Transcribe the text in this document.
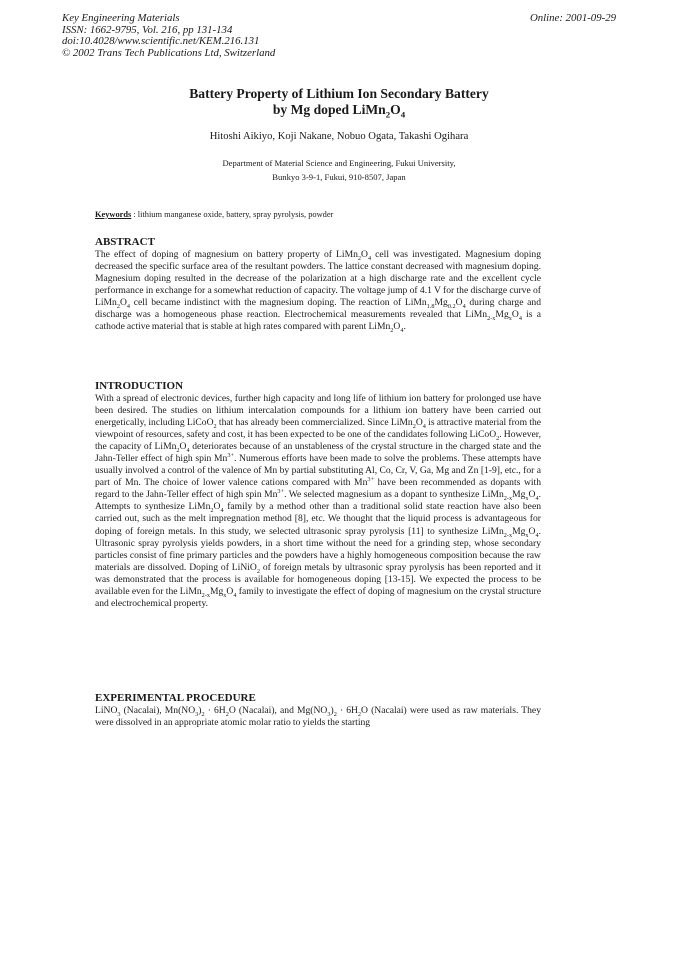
Key Engineering Materials
ISSN: 1662-9795, Vol. 216, pp 131-134
doi:10.4028/www.scientific.net/KEM.216.131
© 2002 Trans Tech Publications Ltd, Switzerland
Online: 2001-09-29
Battery Property of Lithium Ion Secondary Battery
by Mg doped $LiMn_2O_4$
Hitoshi Aikiyo, Koji Nakane, Nobuo Ogata, Takashi Ogihara
Department of Material Science and Engineering, Fukui University,
Bunkyo 3-9-1, Fukui, 910-8507, Japan
Keywords : lithium manganese oxide, battery, spray pyrolysis, powder
ABSTRACT

The effect of doping of magnesium on battery property of $LiMn_2O_4$ cell was investigated. Magnesium doping decreased the specific surface area of the resultant powders. The lattice constant decreased with magnesium doping. Magnesium doping resulted in the decrease of the polarization at a high discharge rate and the excellent cycle performance in exchange for a somewhat reduction of capacity. The voltage jump of 4.1 V for the discharge curve of $LiMn_2O_4$ cell became indistinct with the magnesium doping. The reaction of $LiMn_{1.8}Mg_{0.2}O_4$ during charge and discharge was a homogeneous phase reaction. Electrochemical measurements revealed that $LiMn_{2-x}Mg_xO_4$ is a cathode active material that is stable at high rates compared with parent $LiMn_2O_4$.

INTRODUCTION

With a spread of electronic devices, further high capacity and long life of lithium ion battery for prolonged use have been desired. The studies on lithium intercalation compounds for a lithium ion battery have been carried out energetically, including LiCoO$_2$ that has already been commercialized. Since $LiMn_2O_4$ is attractive material from the viewpoint of resources, safety and cost, it has been expected to be one of the candidates following LiCoO$_2$. However, the capacity of $LiMn_2O_4$ deteriorates because of an unstableness of the crystal structure in the charged state and the Jahn-Teller effect of high spin $Mn^{3+}$. Numerous efforts have been made to solve the problems. These attempts have usually involved a control of the valence of Mn by partial substituting Al, Co, Cr, V, Ga, Mg and Zn [1-9], etc., for a part of Mn. The choice of lower valence cations compared with $Mn^{3+}$ have been recommended as dopants with regard to the Jahn-Teller effect of high spin $Mn^{3+}$. We selected magnesium as a dopant to synthesize $LiMn_{2-x}Mg_xO_4$. Attempts to synthesize $LiMn_2O_4$ family by a method other than a traditional solid state reaction have also been carried out, such as the melt impregnation method [8], etc. We thought that the liquid process is advantageous for doping of foreign metals. In this study, we selected ultrasonic spray pyrolysis [11] to synthesize $LiMn_{2-x}Mg_xO_4$. Ultrasonic spray pyrolysis yields powders, in a short time without the need for a grinding step, whose secondary particles consist of fine primary particles and the powders have a highly homogeneous composition because the raw materials are dissolved. Doping of LiNiO$_2$ of foreign metals by ultrasonic spray pyrolysis has been reported and it was demonstrated that the process is available for homogeneous doping [13-15]. We expected the process to be available even for the $LiMn_{2-x}Mg_xO_4$ family to investigate the effect of doping of magnesium on the crystal structure and electrochemical property.

EXPERIMENTAL PROCEDURE

LiNO$_3$ (Nacalai), $Mn(NO_3)_2 \cdot 6H_2O$ (Nacalai), and $Mg(NO_3)_2 \cdot 6H_2O$ (Nacalai) were used as raw materials. They were dissolved in an appropriate atomic molar ratio to yields the starting
